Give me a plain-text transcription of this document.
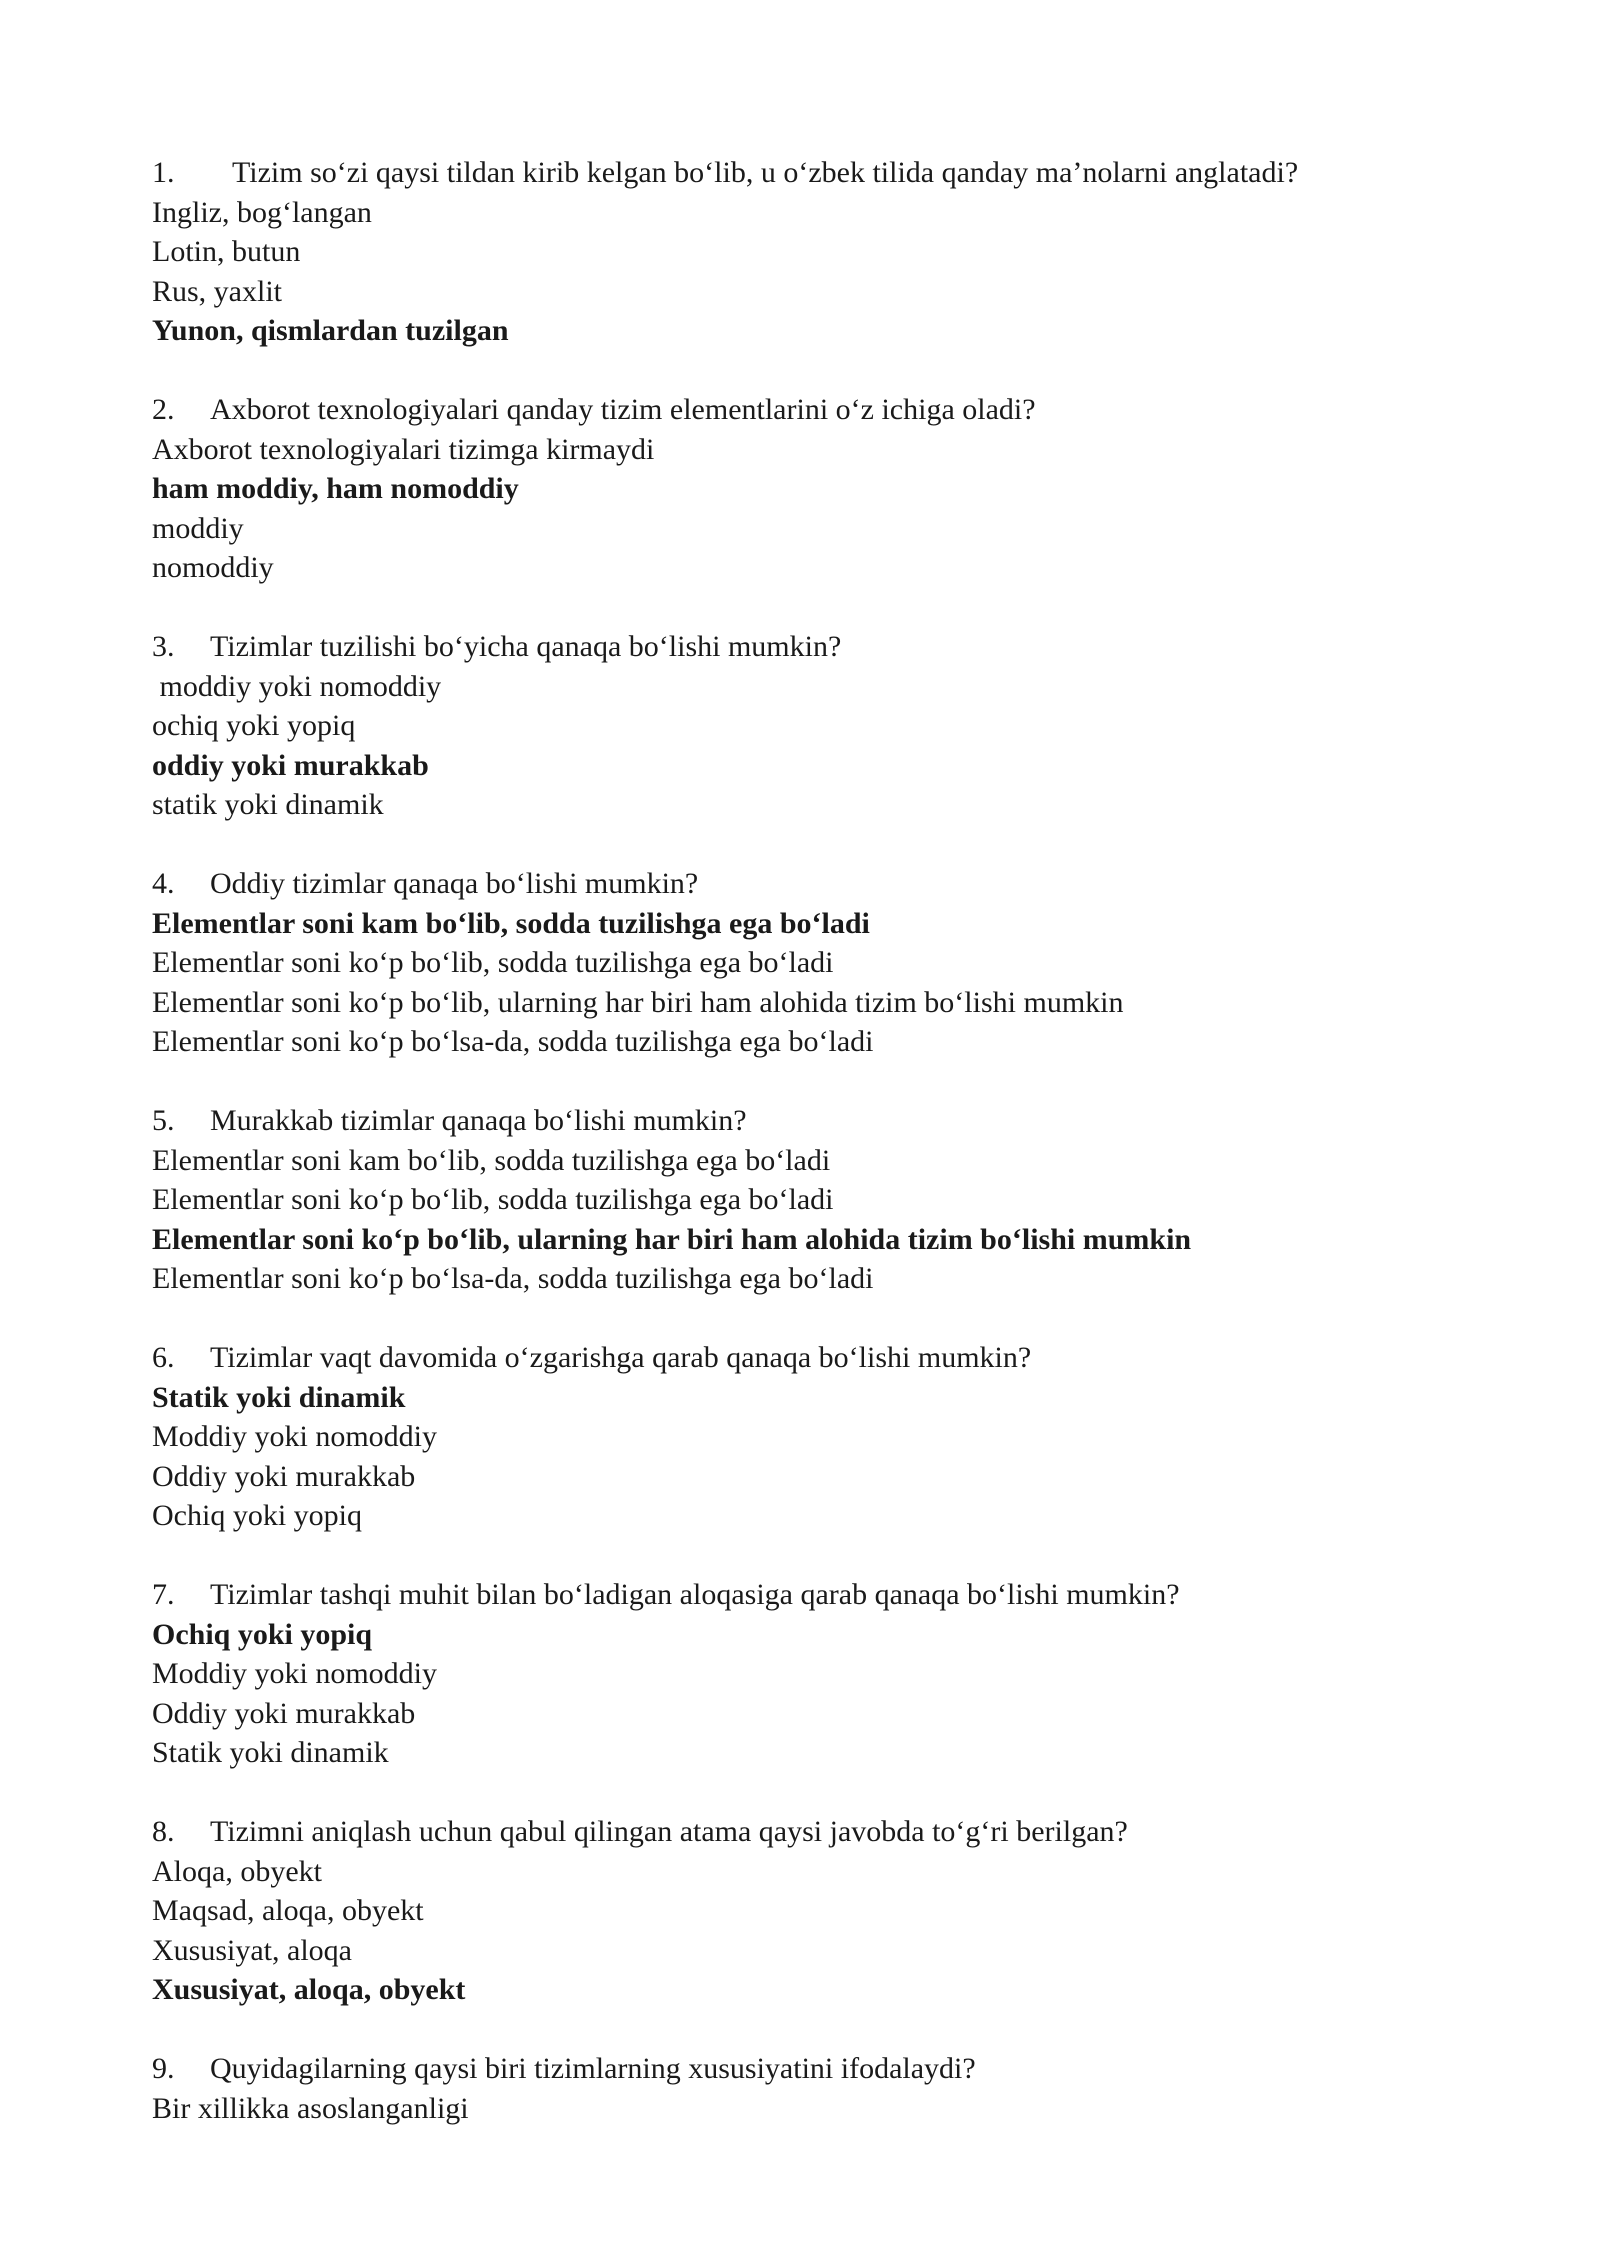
1. Tizim so‘zi qaysi tildan kirib kelgan bo‘lib, u o‘zbek tilida qanday ma’nolarni anglatadi?
Ingliz, bog‘langan
Lotin, butun
Rus, yaxlit
Yunon, qismlardan tuzilgan
2. Axborot texnologiyalari qanday tizim elementlarini o‘z ichiga oladi?
Axborot texnologiyalari tizimga kirmaydi
ham moddiy, ham nomoddiy
moddiy
nomoddiy
3. Tizimlar tuzilishi bo‘yicha qanaqa bo‘lishi mumkin?
moddiy yoki nomoddiy
ochiq yoki yopiq
oddiy yoki murakkab
statik yoki dinamik
4. Oddiy tizimlar qanaqa bo‘lishi mumkin?
Elementlar soni kam bo‘lib, sodda tuzilishga ega bo‘ladi
Elementlar soni ko‘p bo‘lib, sodda tuzilishga ega bo‘ladi
Elementlar soni ko‘p bo‘lib, ularning har biri ham alohida tizim bo‘lishi mumkin
Elementlar soni ko‘p bo‘lsa-da, sodda tuzilishga ega bo‘ladi
5. Murakkab tizimlar qanaqa bo‘lishi mumkin?
Elementlar soni kam bo‘lib, sodda tuzilishga ega bo‘ladi
Elementlar soni ko‘p bo‘lib, sodda tuzilishga ega bo‘ladi
Elementlar soni ko‘p bo‘lib, ularning har biri ham alohida tizim bo‘lishi mumkin
Elementlar soni ko‘p bo‘lsa-da, sodda tuzilishga ega bo‘ladi
6. Tizimlar vaqt davomida o‘zgarishga qarab qanaqa bo‘lishi mumkin?
Statik yoki dinamik
Moddiy yoki nomoddiy
Oddiy yoki murakkab
Ochiq yoki yopiq
7. Tizimlar tashqi muhit bilan bo‘ladigan aloqasiga qarab qanaqa bo‘lishi mumkin?
Ochiq yoki yopiq
Moddiy yoki nomoddiy
Oddiy yoki murakkab
Statik yoki dinamik
8. Tizimni aniqlash uchun qabul qilingan atama qaysi javobda to‘g‘ri berilgan?
Aloqa, obyekt
Maqsad, aloqa, obyekt
Xususiyat, aloqa
Xususiyat, aloqa, obyekt
9. Quyidagilarning qaysi biri tizimlarning xususiyatini ifodalaydi?
Bir xillikka asoslanganligi
